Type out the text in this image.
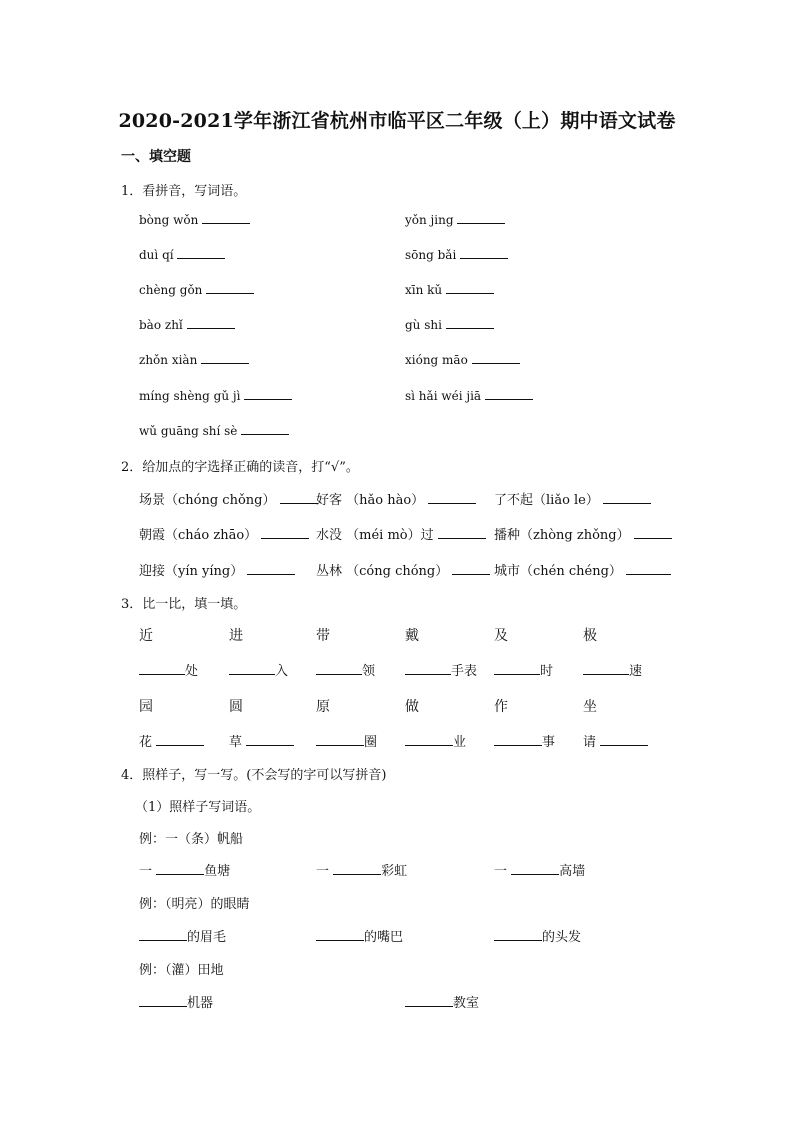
2020-2021学年浙江省杭州市临平区二年级（上）期中语文试卷
一、填空题
1．看拼音，写词语。
bòng wǒn	yǒn jing
duì qí	sōng bǎi
chèng gǒn	xīn kǔ
bào zhǐ	gù shi
zhǒn xiàn	xióng māo
míng shèng gǔ jì	sì hǎi wéi jiā
wǔ guāng shí sè
2．给加点的字选择正确的读音，打“√”。
场景（chóng chǒng）	好客 （hǎo hào）	了不起（liǎo le）
朝霞（cháo zhāo）	水没 （méi mò）过	播种（zhòng zhǒng）
迎接（yín yíng）	丛林 （cóng chóng）	城市（chén chéng）
3．比一比，填一填。
近	进	带	戴	及	极
处	入	领	手表	时	速
园	圆	原	做	作	坐
花	草	圈	业	事 请
4．照样子，写一写。(不会写的字可以写拼音)
（1）照样子写词语。
例：一（条）帆船
一	鱼塘	一	彩虹	一	高墙
例：（明亮）的眼睛
的眉毛	的嘴巴	的头发
例：（灌）田地
机器	教室
